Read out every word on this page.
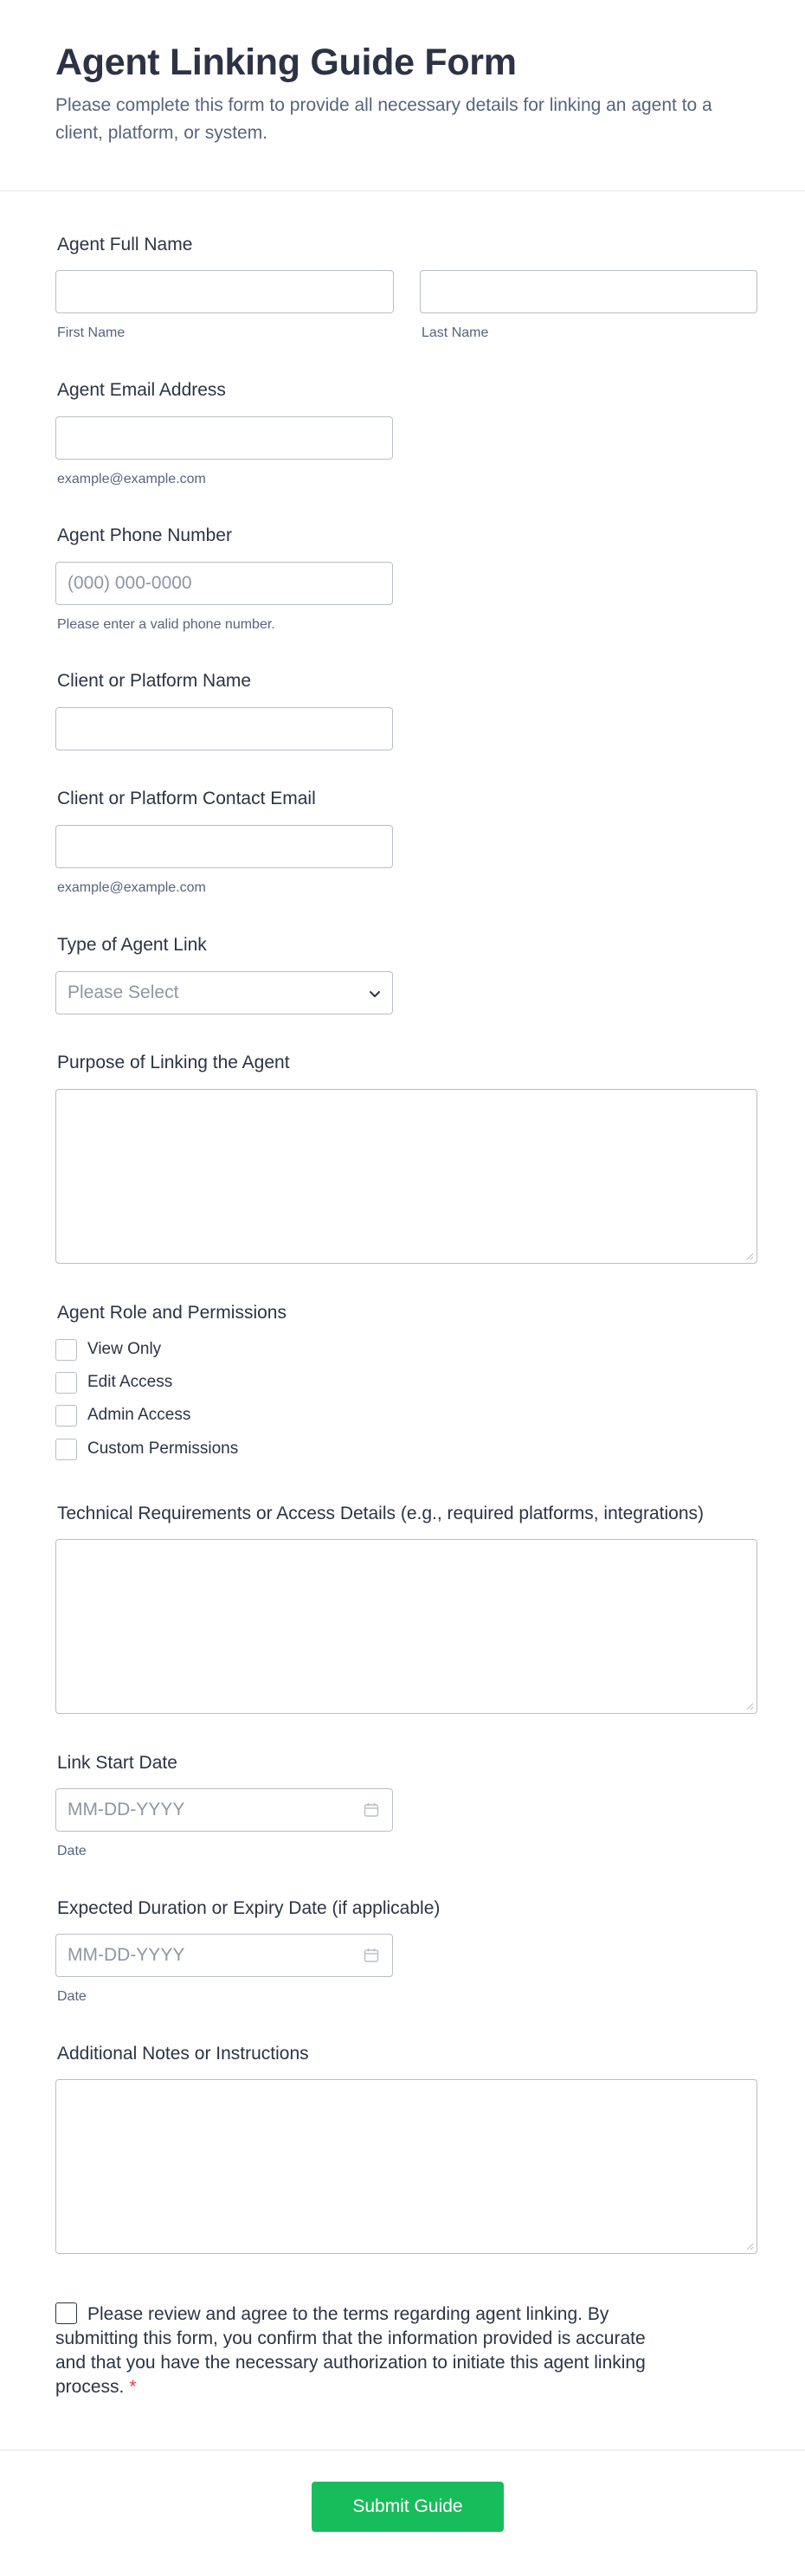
Agent Linking Guide Form
Please complete this form to provide all necessary details for linking an agent to a client, platform, or system.
Agent Full Name
First Name	Last Name
Agent Email Address
example@example.com
Agent Phone Number
(000) 000-0000
Please enter a valid phone number.
Client or Platform Name
Client or Platform Contact Email
example@example.com
Type of Agent Link
Please Select
Purpose of Linking the Agent
Agent Role and Permissions
View Only
Edit Access
Admin Access
Custom Permissions
Technical Requirements or Access Details (e.g., required platforms, integrations)
Link Start Date
MM-DD-YYYY
Date
Expected Duration or Expiry Date (if applicable)
MM-DD-YYYY
Date
Additional Notes or Instructions
Please review and agree to the terms regarding agent linking. By submitting this form, you confirm that the information provided is accurate and that you have the necessary authorization to initiate this agent linking process. *
Submit Guide
